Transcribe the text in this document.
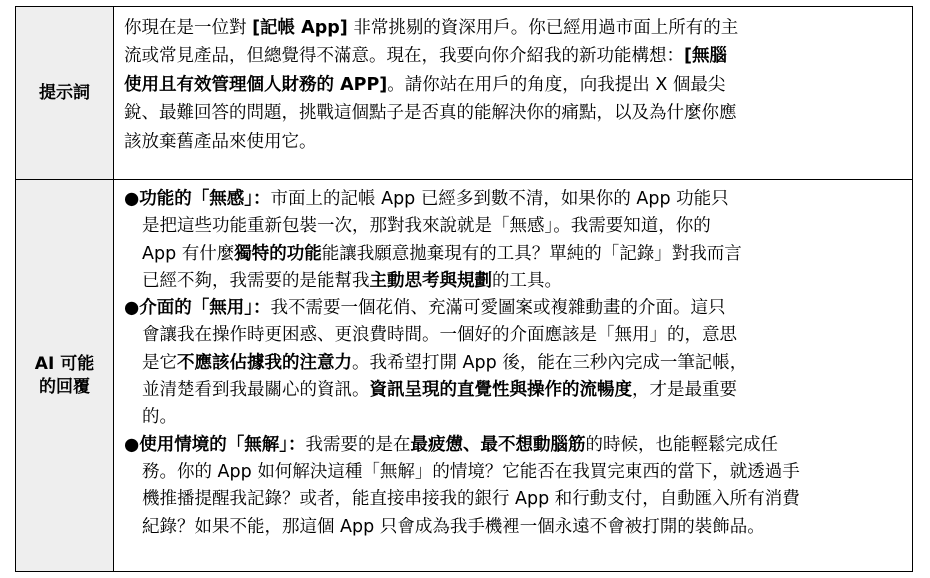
提示詞
你現在是一位對 [記帳 App] 非常挑剔的資深用戶。你已經用過市面上所有的主
流或常見產品，但總覺得不滿意。現在，我要向你介紹我的新功能構想：[無腦
使用且有效管理個人財務的 APP]。請你站在用戶的角度，向我提出 X 個最尖
銳、最難回答的問題，挑戰這個點子是否真的能解決你的痛點，以及為什麼你應
該放棄舊產品來使用它。
AI 可能
的回覆
●功能的「無感」：市面上的記帳 App 已經多到數不清，如果你的 App 功能只
是把這些功能重新包裝一次，那對我來說就是「無感」。我需要知道，你的
App 有什麼獨特的功能能讓我願意拋棄現有的工具？單純的「記錄」對我而言
已經不夠，我需要的是能幫我主動思考與規劃的工具。
●介面的「無用」：我不需要一個花俏、充滿可愛圖案或複雜動畫的介面。這只
會讓我在操作時更困惑、更浪費時間。一個好的介面應該是「無用」的，意思
是它不應該佔據我的注意力。我希望打開 App 後，能在三秒內完成一筆記帳，
並清楚看到我最關心的資訊。資訊呈現的直覺性與操作的流暢度，才是最重要
的。
●使用情境的「無解」：我需要的是在最疲憊、最不想動腦筋的時候，也能輕鬆完成任
務。你的 App 如何解決這種「無解」的情境？它能否在我買完東西的當下，就透過手
機推播提醒我記錄？或者，能直接串接我的銀行 App 和行動支付，自動匯入所有消費
紀錄？如果不能，那這個 App 只會成為我手機裡一個永遠不會被打開的裝飾品。
